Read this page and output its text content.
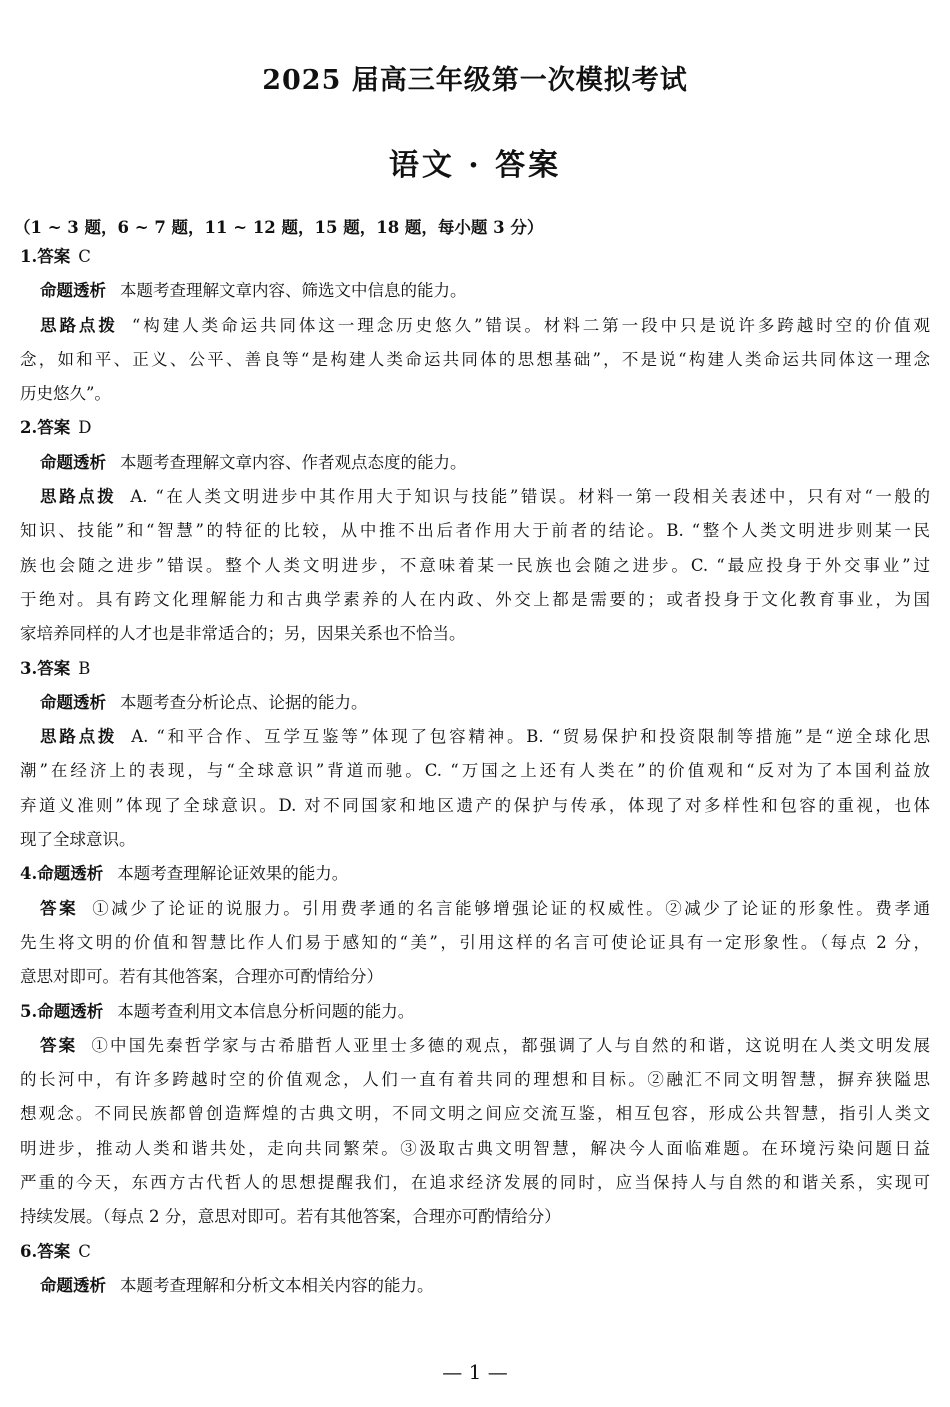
2025 届高三年级第一次模拟考试
语文 · 答案
（1 ~ 3 题，6 ~ 7 题，11 ~ 12 题，15 题，18 题，每小题 3 分）
1.答案 C
命题透析 本题考查理解文章内容、筛选文中信息的能力。
思路点拨 “构建人类命运共同体这一理念历史悠久”错误。材料二第一段中只是说许多跨越时空的价值观
念，如和平、正义、公平、善良等“是构建人类命运共同体的思想基础”，不是说“构建人类命运共同体这一理念
历史悠久”。
2.答案 D
命题透析 本题考查理解文章内容、作者观点态度的能力。
思路点拨 A. “在人类文明进步中其作用大于知识与技能”错误。材料一第一段相关表述中，只有对“一般的
知识、技能”和“智慧”的特征的比较，从中推不出后者作用大于前者的结论。B. “整个人类文明进步则某一民
族也会随之进步”错误。整个人类文明进步，不意味着某一民族也会随之进步。C. “最应投身于外交事业”过
于绝对。具有跨文化理解能力和古典学素养的人在内政、外交上都是需要的；或者投身于文化教育事业，为国
家培养同样的人才也是非常适合的；另，因果关系也不恰当。
3.答案 B
命题透析 本题考查分析论点、论据的能力。
思路点拨 A. “和平合作、互学互鉴等”体现了包容精神。B. “贸易保护和投资限制等措施”是“逆全球化思
潮”在经济上的表现，与“全球意识”背道而驰。C. “万国之上还有人类在”的价值观和“反对为了本国利益放
弃道义准则”体现了全球意识。D. 对不同国家和地区遗产的保护与传承，体现了对多样性和包容的重视，也体
现了全球意识。
4.命题透析 本题考查理解论证效果的能力。
答案 ①减少了论证的说服力。引用费孝通的名言能够增强论证的权威性。②减少了论证的形象性。费孝通
先生将文明的价值和智慧比作人们易于感知的“美”，引用这样的名言可使论证具有一定形象性。（每点 2 分，
意思对即可。若有其他答案，合理亦可酌情给分）
5.命题透析 本题考查利用文本信息分析问题的能力。
答案 ①中国先秦哲学家与古希腊哲人亚里士多德的观点，都强调了人与自然的和谐，这说明在人类文明发展
的长河中，有许多跨越时空的价值观念，人们一直有着共同的理想和目标。②融汇不同文明智慧，摒弃狭隘思
想观念。不同民族都曾创造辉煌的古典文明，不同文明之间应交流互鉴，相互包容，形成公共智慧，指引人类文
明进步，推动人类和谐共处，走向共同繁荣。③汲取古典文明智慧，解决今人面临难题。在环境污染问题日益
严重的今天，东西方古代哲人的思想提醒我们，在追求经济发展的同时，应当保持人与自然的和谐关系，实现可
持续发展。（每点 2 分，意思对即可。若有其他答案，合理亦可酌情给分）
6.答案 C
命题透析 本题考查理解和分析文本相关内容的能力。
— 1 —
